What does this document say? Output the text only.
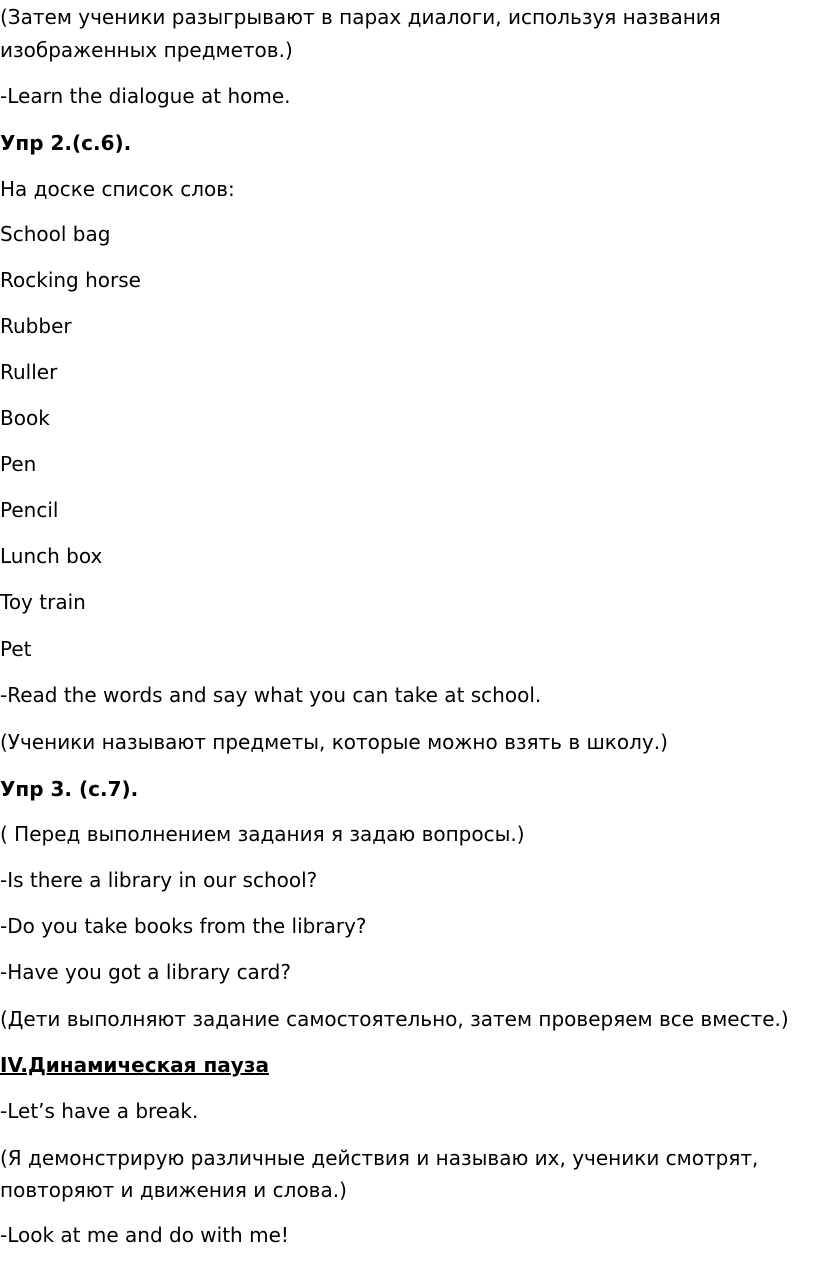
(Затем ученики разыгрывают в парах диалоги, используя названия
изображенных предметов.)
-Learn the dialogue at home.
Упр 2.(с.6).
На доске список слов:
School bag
Rocking horse
Rubber
Ruller
Book
Pen
Pencil
Lunch box
Toy train
Pet
-Read the words and say what you can take at school.
(Ученики называют предметы, которые можно взять в школу.)
Упр 3. (с.7).
( Перед выполнением задания я задаю вопросы.)
-Is there a library in our school?
-Do you take books from the library?
-Have you got a library card?
(Дети выполняют задание самостоятельно, затем проверяем все вместе.)
IV.Динамическая пауза
-Let’s have a break.
(Я демонстрирую различные действия и называю их, ученики смотрят,
повторяют и движения и слова.)
-Look at me and do with me!
